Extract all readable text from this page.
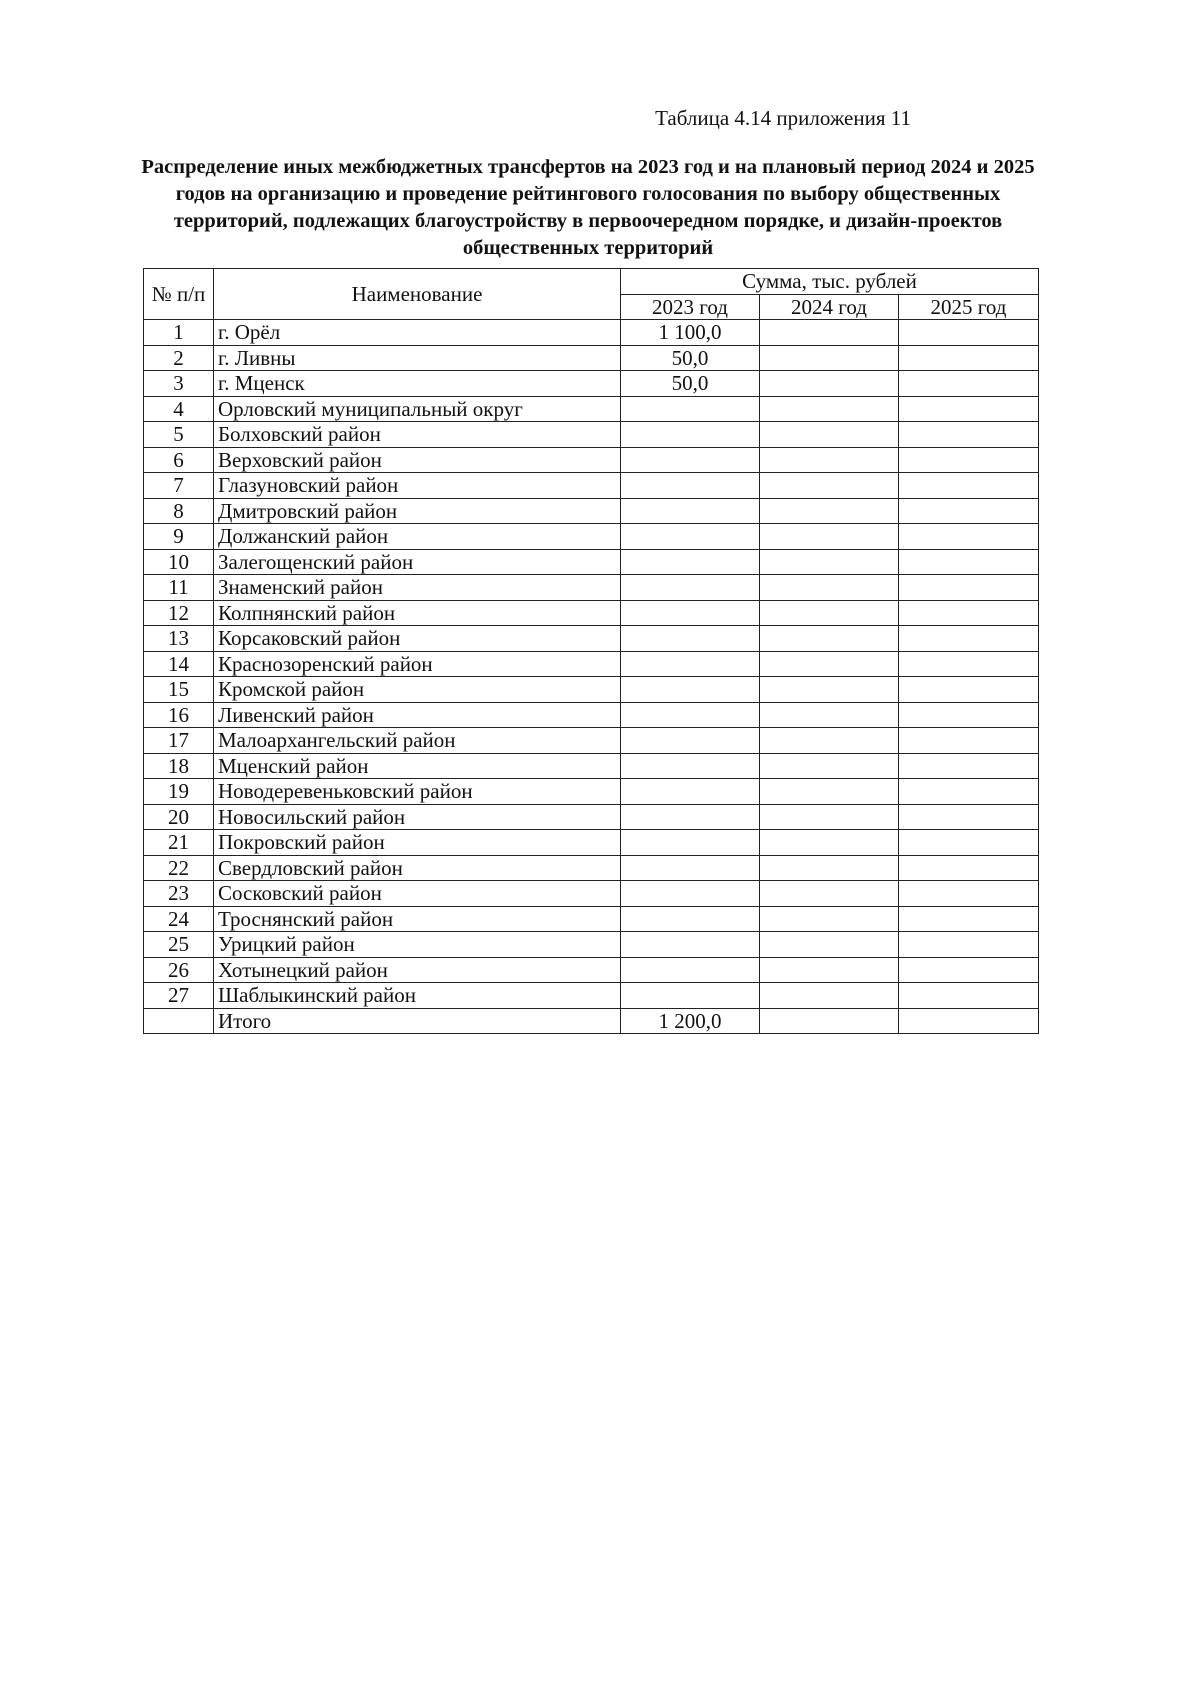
Таблица 4.14 приложения 11
Распределение иных межбюджетных трансфертов на 2023 год и на плановый период 2024 и 2025 годов на организацию и проведение рейтингового голосования по выбору общественных территорий, подлежащих благоустройству в первоочередном порядке, и дизайн-проектов общественных территорий
№ п/п	Наименование	Сумма, тыс. рублей		
		2023 год	2024 год	2025 год
1	г. Орёл	1 100,0		
2	г. Ливны	50,0		
3	г. Мценск	50,0		
4	Орловский муниципальный округ			
5	Болховский район			
6	Верховский район			
7	Глазуновский район			
8	Дмитровский район			
9	Должанский район			
10	Залегощенский район			
11	Знаменский район			
12	Колпнянский район			
13	Корсаковский район			
14	Краснозоренский район			
15	Кромской район			
16	Ливенский район			
17	Малоархангельский район			
18	Мценский район			
19	Новодеревеньковский район			
20	Новосильский район			
21	Покровский район			
22	Свердловский район			
23	Сосковский район			
24	Троснянский район			
25	Урицкий район			
26	Хотынецкий район			
27	Шаблыкинский район			
	Итого	1 200,0		
